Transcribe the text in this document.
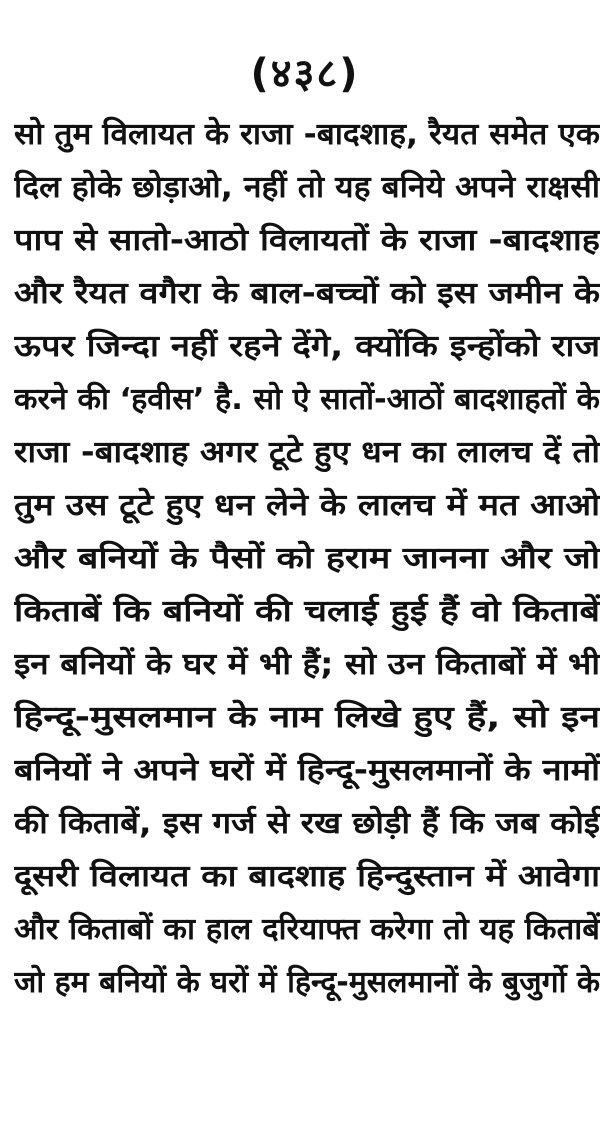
(४३८)
सो तुम विलायत के राजा -बादशाह, रैयत समेत एक
दिल होके छोड़ाओ, नहीं तो यह बनिये अपने राक्षसी
पाप से सातो-आठो विलायतों के राजा -बादशाह
और रैयत वगैरा के बाल-बच्चों को इस जमीन के
ऊपर जिन्दा नहीं रहने देंगे, क्योंकि इन्होंको राज
करने की ‘हवीस’ है. सो ऐ सातों-आठों बादशाहतों के
राजा -बादशाह अगर टूटे हुए धन का लालच दें तो
तुम उस टूटे हुए धन लेने के लालच में मत आओ
और बनियों के पैसों को हराम जानना और जो
किताबें कि बनियों की चलाई हुई हैं वो किताबें
इन बनियों के घर में भी हैं; सो उन किताबों में भी
हिन्दू-मुसलमान के नाम लिखे हुए हैं, सो इन
बनियों ने अपने घरों में हिन्दू-मुसलमानों के नामों
की किताबें, इस गर्ज से रख छोड़ी हैं कि जब कोई
दूसरी विलायत का बादशाह हिन्दुस्तान में आवेगा
और किताबों का हाल दरियाफ्त करेगा तो यह किताबें
जो हम बनियों के घरों में हिन्दू-मुसलमानों के बुजुर्गो के
